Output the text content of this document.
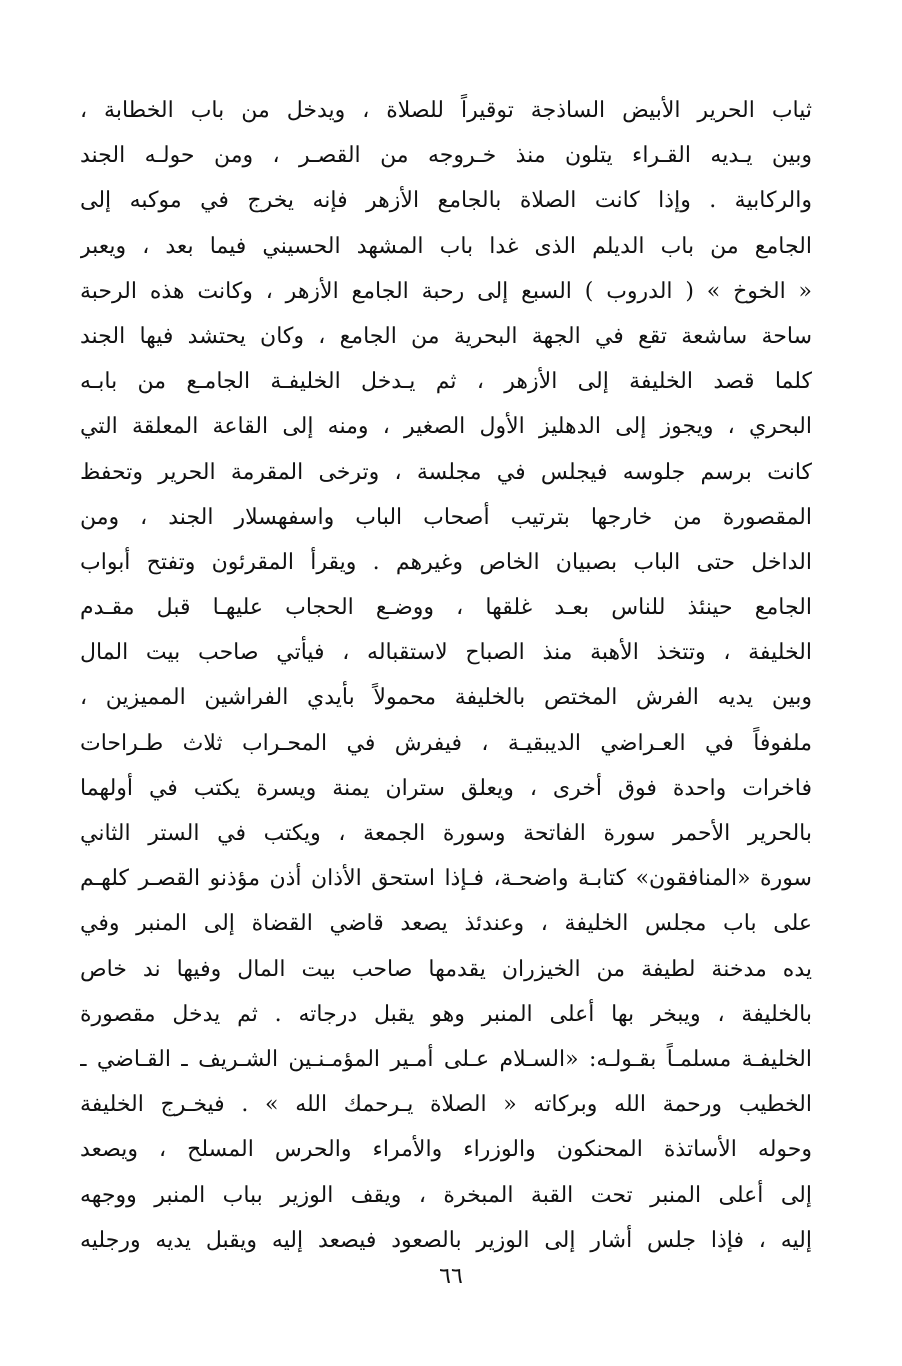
ثياب الحرير الأبيض الساذجة توقيراً للصلاة ، ويدخل من باب الخطابة ،
وبين يـديه القـراء يتلون منذ خـروجه من القصـر ، ومن حولـه الجند
والركابية . وإذا كانت الصلاة بالجامع الأزهر فإنه يخرج في موكبه إلى
الجامع من باب الديلم الذى غدا باب المشهد الحسيني فيما بعد ، ويعبر
« الخوخ » ( الدروب ) السبع إلى رحبة الجامع الأزهر ، وكانت هذه الرحبة
ساحة ساشعة تقع في الجهة البحرية من الجامع ، وكان يحتشد فيها الجند
كلما قصد الخليفة إلى الأزهر ، ثم يـدخل الخليفـة الجامـع من بابـه
البحري ، ويجوز إلى الدهليز الأول الصغير ، ومنه إلى القاعة المعلقة التي
كانت برسم جلوسه فيجلس في مجلسة ، وترخى المقرمة الحرير وتحفظ
المقصورة من خارجها بترتيب أصحاب الباب واسفهسلار الجند ، ومن
الداخل حتى الباب بصبيان الخاص وغيرهم . ويقرأ المقرئون وتفتح أبواب
الجامع حينئذ للناس بعـد غلقها ، ووضـع الحجاب عليهـا قبل مقـدم
الخليفة ، وتتخذ الأهبة منذ الصباح لاستقباله ، فيأتي صاحب بيت المال
وبين يديه الفرش المختص بالخليفة محمولاً بأيدي الفراشين المميزين ،
ملفوفاً في العـراضي الديبقيـة ، فيفرش في المحـراب ثلاث طـراحات
فاخرات واحدة فوق أخرى ، ويعلق ستران يمنة ويسرة يكتب في أولهما
بالحرير الأحمر سورة الفاتحة وسورة الجمعة ، ويكتب في الستر الثاني
سورة «المنافقون» كتابـة واضحـة، فـإذا استحق الأذان أذن مؤذنو القصـر كلهـم
على باب مجلس الخليفة ، وعندئذ يصعد قاضي القضاة إلى المنبر وفي
يده مدخنة لطيفة من الخيزران يقدمها صاحب بيت المال وفيها ند خاص
بالخليفة ، ويبخر بها أعلى المنبر وهو يقبل درجاته . ثم يدخل مقصورة
الخليفـة مسلمـاً بقـولـه: «السـلام عـلى أمـير المؤمـنـين الشـريف ـ القـاضي ـ
الخطيب ورحمة الله وبركاته « الصلاة يـرحمك الله » . فيخـرج الخليفة
وحوله الأساتذة المحنكون والوزراء والأمراء والحرس المسلح ، ويصعد
إلى أعلى المنبر تحت القبة المبخرة ، ويقف الوزير بباب المنبر ووجهه
إليه ، فإذا جلس أشار إلى الوزير بالصعود فيصعد إليه ويقبل يديه ورجليه
٦٦
